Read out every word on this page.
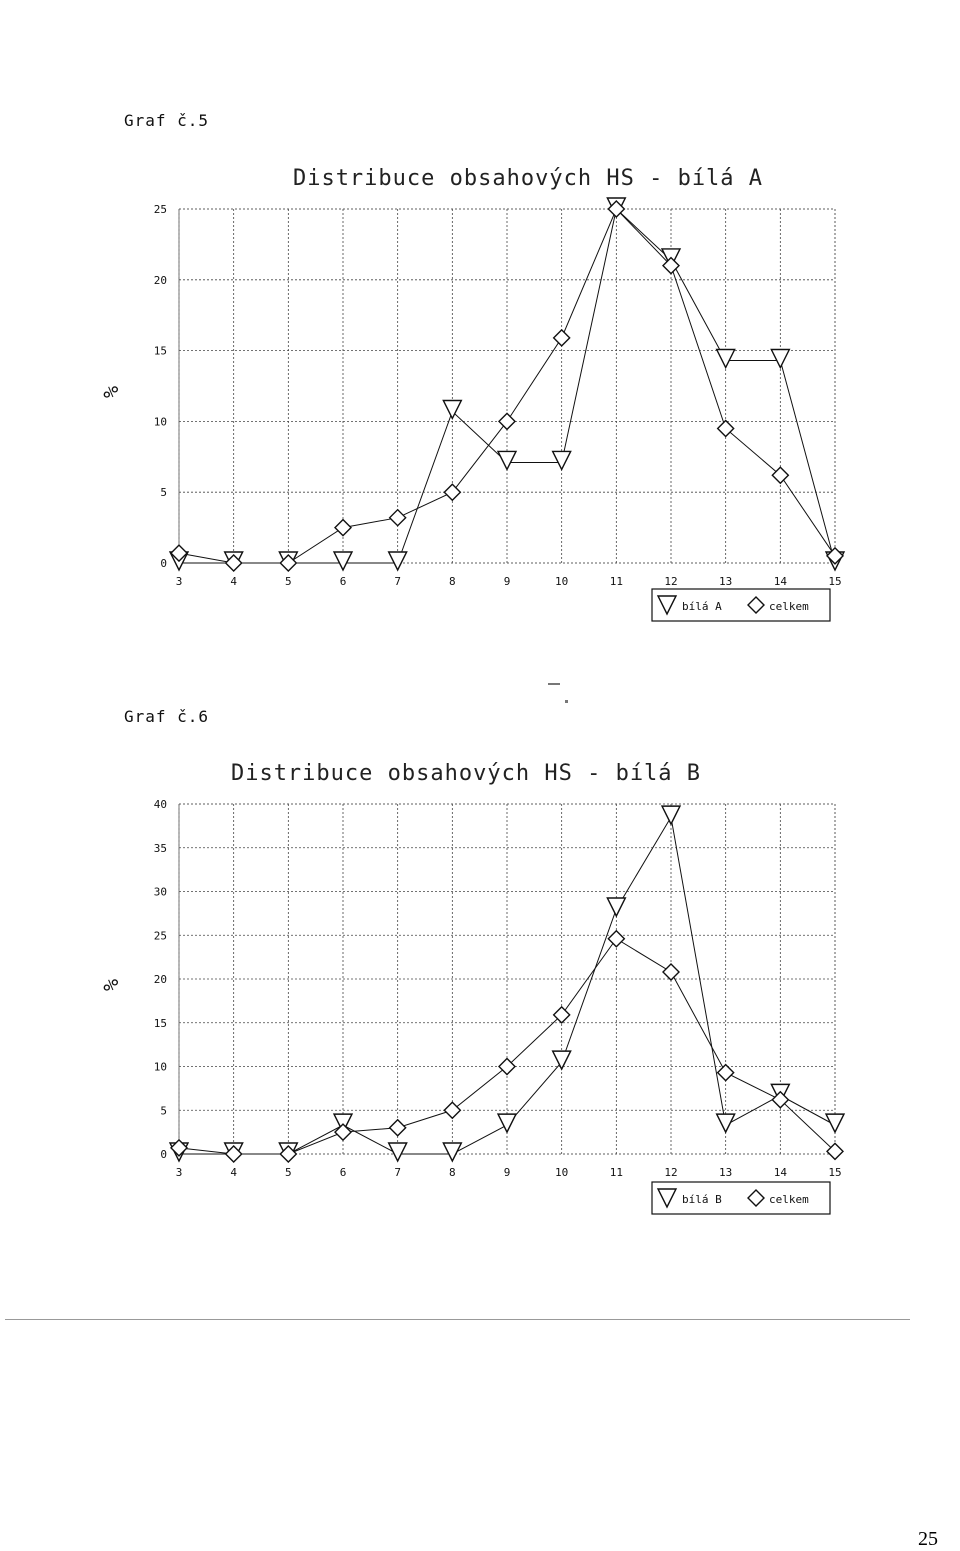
Graf č.5
Graf č.6
Distribuce obsahových HS - bílá A
%
0
5
10
15
20
25
3	4	5	6	7	8	9	10	11	12	13	14	15
bílá A	celkem
Distribuce obsahových HS - bílá B
%
0
5
10
15
20
25
30
35
40
3	4	5	6	7	8	9	10	11	12	13	14	15
bílá B	celkem
25
